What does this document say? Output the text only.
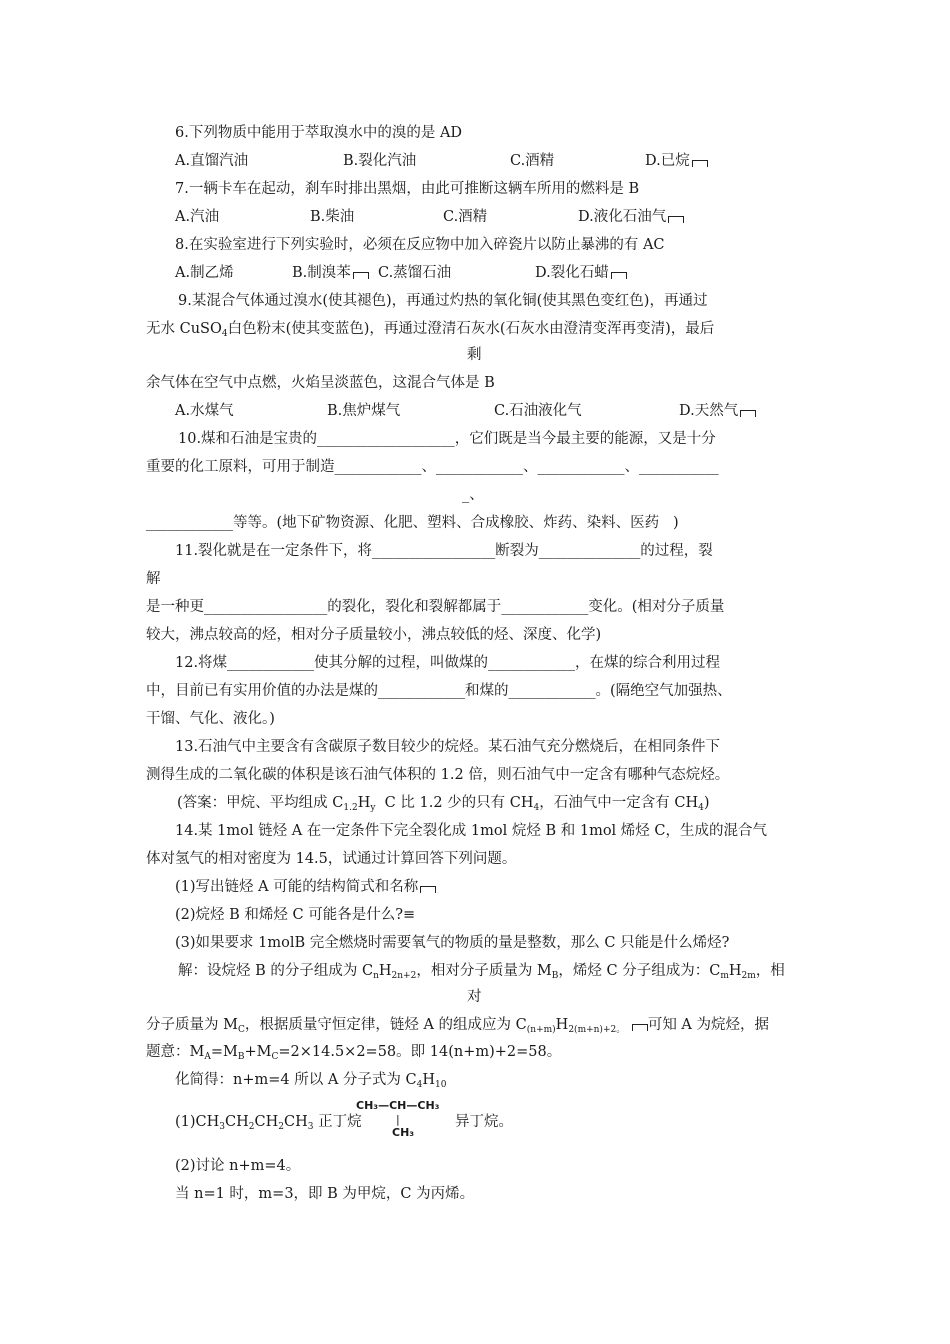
6.下列物质中能用于萃取溴水中的溴的是 AD
A.直馏汽油	B.裂化汽油	C.酒精	D.已烷
7.一辆卡车在起动，刹车时排出黑烟，由此可推断这辆车所用的燃料是 B
A.汽油	B.柴油	C.酒精	D.液化石油气
8.在实验室进行下列实验时，必须在反应物中加入碎瓷片以防止暴沸的有 AC
A.制乙烯	B.制溴苯	C.蒸馏石油	D.裂化石蜡
9.某混合气体通过溴水(使其褪色)，再通过灼热的氧化铜(使其黑色变红色)，再通过
无水 CuSO$_4$白色粉末(使其变蓝色)，再通过澄清石灰水(石灰水由澄清变浑再变清)，最后
剩
余气体在空气中点燃，火焰呈淡蓝色，这混合气体是 B
A.水煤气	B.焦炉煤气	C.石油液化气	D.天然气
10.煤和石油是宝贵的___________________，它们既是当今最主要的能源，又是十分
重要的化工原料，可用于制造____________、____________、____________、___________
_、
____________等等。(地下矿物资源、化肥、塑料、合成橡胶、炸药、染料、医药   )
11.裂化就是在一定条件下，将_________________断裂为______________的过程，裂
解
是一种更_________________的裂化，裂化和裂解都属于____________变化。(相对分子质量
较大，沸点较高的烃，相对分子质量较小，沸点较低的烃、深度、化学)
12.将煤____________使其分解的过程，叫做煤的____________，在煤的综合利用过程
中，目前已有实用价值的办法是煤的____________和煤的____________。(隔绝空气加强热、
干馏、气化、液化。)
13.石油气中主要含有含碳原子数目较少的烷烃。某石油气充分燃烧后，在相同条件下
测得生成的二氧化碳的体积是该石油气体积的 1.2 倍，则石油气中一定含有哪种气态烷烃。
(答案：甲烷、平均组成 $C_{1.2}H_y$  C 比 1.2 少的只有 $CH_4$，石油气中一定含有 $CH_4$)
14.某 1mol 链烃 A 在一定条件下完全裂化成 1mol 烷烃 B 和 1mol 烯烃 C，生成的混合气
体对氢气的相对密度为 14.5，试通过计算回答下列问题。
(1)写出链烃 A 可能的结构简式和名称
(2)烷烃 B 和烯烃 C 可能各是什么?≡
(3)如果要求 1molB 完全燃烧时需要氧气的物质的量是整数，那么 C 只能是什么烯烃?
解：设烷烃 B 的分子组成为 $C_nH_{2n+2}$，相对分子质量为 $M_B$，烯烃 C 分子组成为：$C_mH_{2m}$，相
对
分子质量为 $M_C$，根据质量守恒定律，链烃 A 的组成应为 $C_{(n+m)}H_{2(m+n)+2。}$ 可知 A 为烷烃，据
题意：$M_A=M_B+M_C=2\times 14.5\times 2=58$。即 14(n+m)+2=58。
化简得：n+m=4 所以 A 分子式为 $C_4H_{10}$
$(1)CH_3CH_2CH_2CH_3$ 正丁烷
CH₃—CH—CH₃
|
CH₃
异丁烷。
(2)讨论 n+m=4。
当 n=1 时，m=3，即 B 为甲烷，C 为丙烯。
